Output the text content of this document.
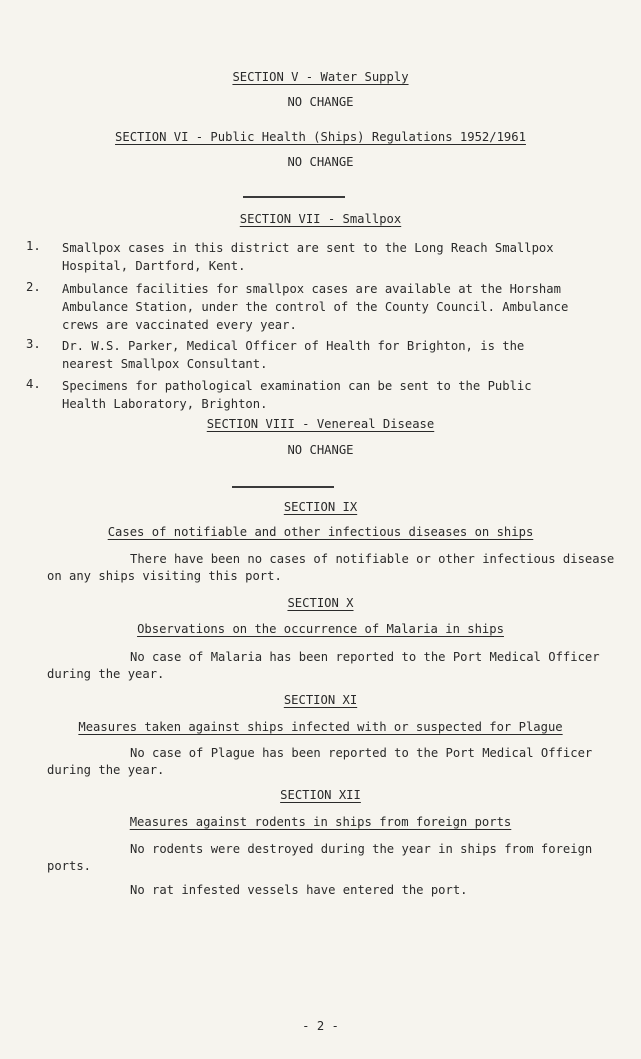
SECTION V - Water Supply
NO CHANGE
SECTION VI - Public Health (Ships) Regulations 1952/1961
NO CHANGE
SECTION VII - Smallpox
1. Smallpox cases in this district are sent to the Long Reach Smallpox
Hospital, Dartford, Kent.
2. Ambulance facilities for smallpox cases are available at the Horsham
Ambulance Station, under the control of the County Council. Ambulance
crews are vaccinated every year.
3. Dr. W.S. Parker, Medical Officer of Health for Brighton, is the
nearest Smallpox Consultant.
4. Specimens for pathological examination can be sent to the Public
Health Laboratory, Brighton.
SECTION VIII - Venereal Disease
NO CHANGE
SECTION IX
Cases of notifiable and other infectious diseases on ships
There have been no cases of notifiable or other infectious disease
on any ships visiting this port.
SECTION X
Observations on the occurrence of Malaria in ships
No case of Malaria has been reported to the Port Medical Officer
during the year.
SECTION XI
Measures taken against ships infected with or suspected for Plague
No case of Plague has been reported to the Port Medical Officer
during the year.
SECTION XII
Measures against rodents in ships from foreign ports
No rodents were destroyed during the year in ships from foreign
ports.
No rat infested vessels have entered the port.
- 2 -
